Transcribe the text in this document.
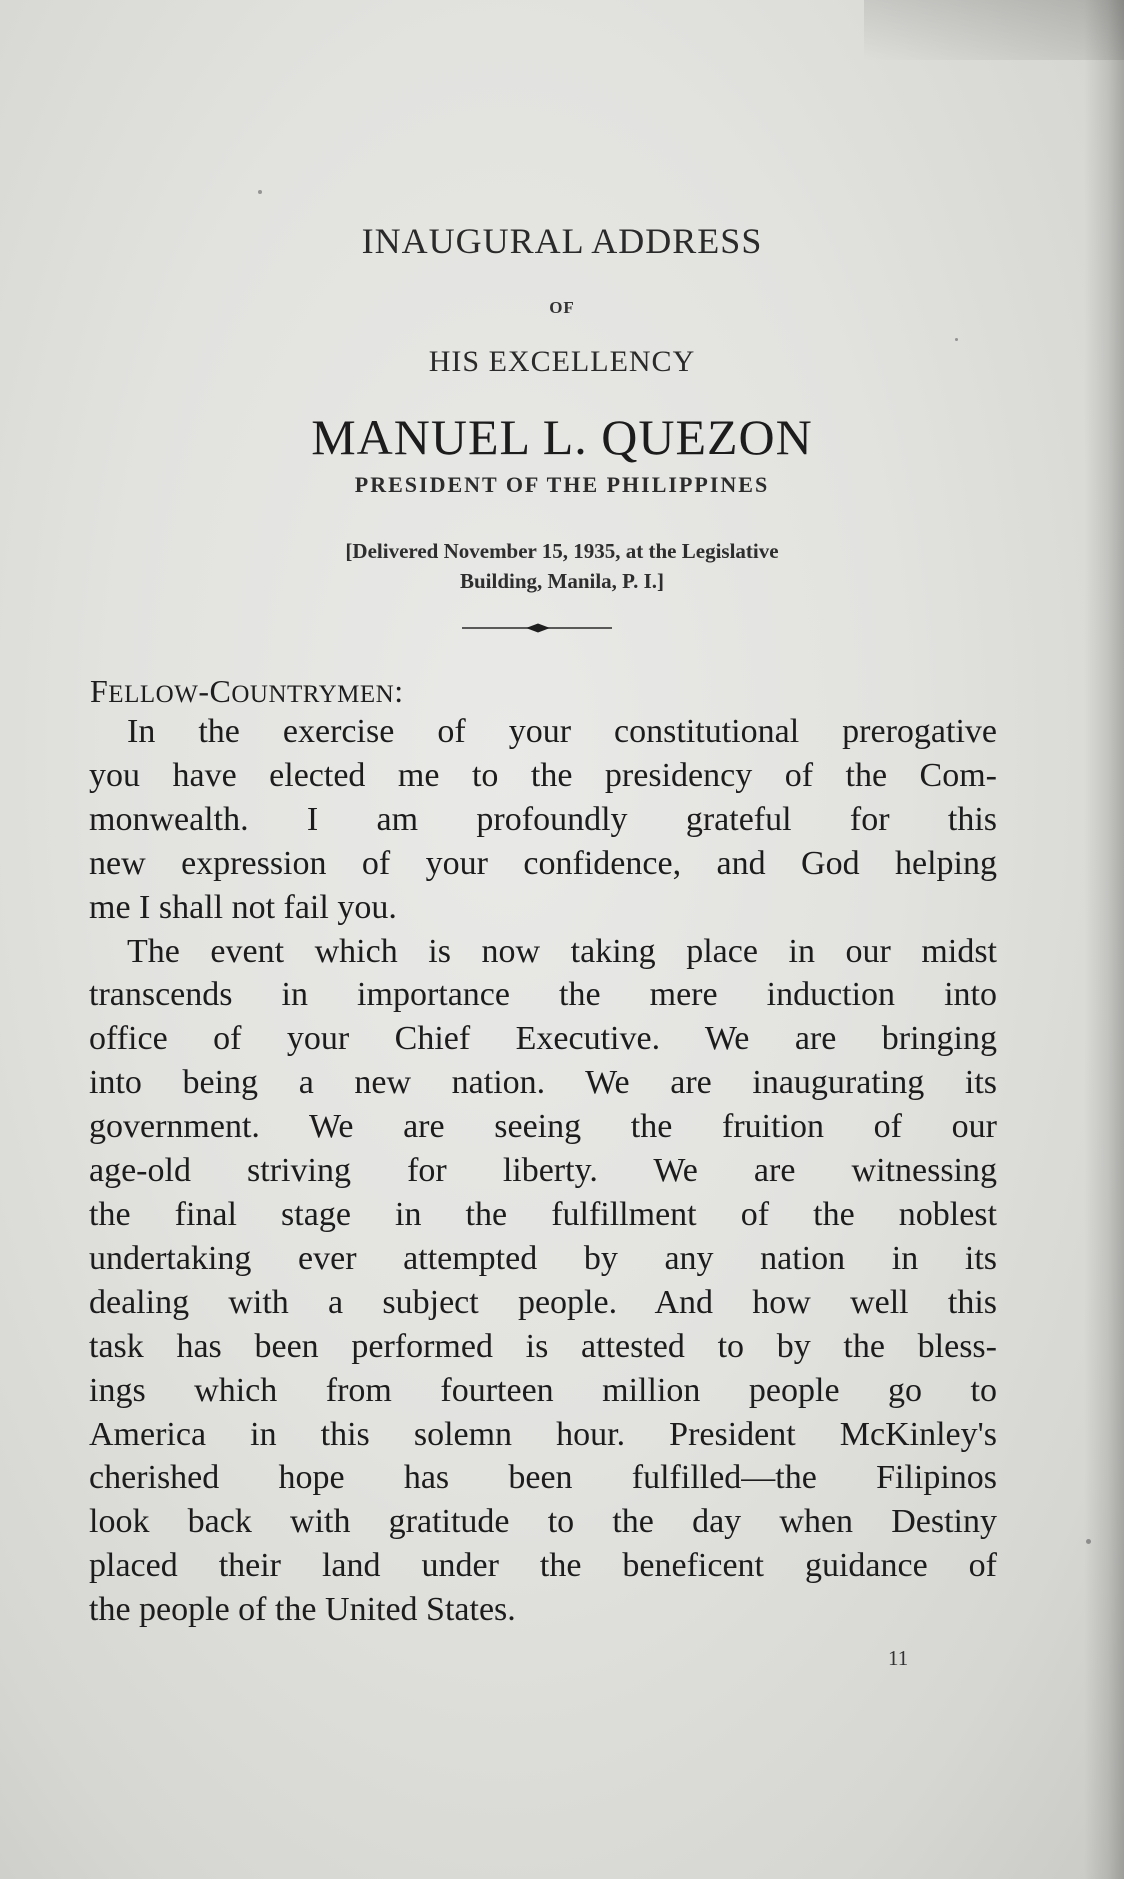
INAUGURAL ADDRESS
OF
HIS EXCELLENCY
MANUEL L. QUEZON
PRESIDENT OF THE PHILIPPINES
[Delivered November 15, 1935, at the Legislative
Building, Manila, P. I.]
FELLOW-COUNTRYMEN:

In the exercise of your constitutional prerogative

you have elected me to the presidency of the Com-

monwealth. I am profoundly grateful for this

new expression of your confidence, and God helping

me I shall not fail you.

The event which is now taking place in our midst

transcends in importance the mere induction into

office of your Chief Executive. We are bringing

into being a new nation. We are inaugurating its

government. We are seeing the fruition of our

age-old striving for liberty. We are witnessing

the final stage in the fulfillment of the noblest

undertaking ever attempted by any nation in its

dealing with a subject people. And how well this

task has been performed is attested to by the bless-

ings which from fourteen million people go to

America in this solemn hour. President McKinley's

cherished hope has been fulfilled—the Filipinos

look back with gratitude to the day when Destiny

placed their land under the beneficent guidance of

the people of the United States.

11
